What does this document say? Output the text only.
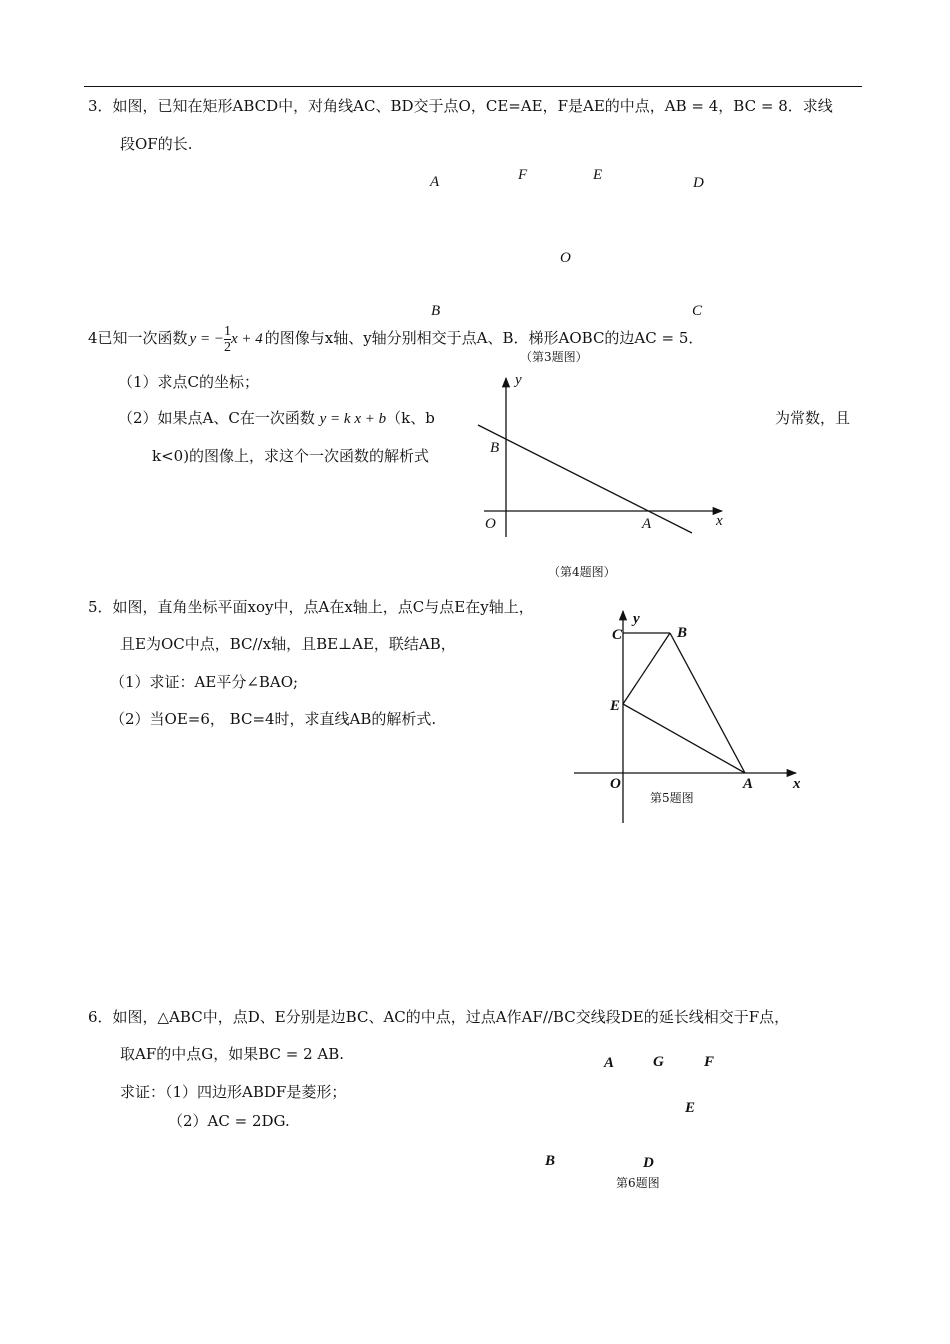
3．如图，已知在矩形ABCD中，对角线AC、BD交于点O，CE=AE，F是AE的中点，AB = 4，BC = 8．求线
段OF的长.
A	F	E	D
O
B	C
4已知一次函数 $y = -\frac{1}{2}$ x + 4 的图像与x轴、y轴分别相交于点A、B．梯形AOBC的边AC = 5．
（第3题图）
（1）求点C的坐标；
（2）如果点A、C在一次函数 y = k x + b（k、b	为常数，且
k<0)的图像上，求这个一次函数的解析式
y
B
O	A	x
（第4题图）
5．如图，直角坐标平面xoy中，点A在x轴上，点C与点E在y轴上，
且E为OC中点，BC//x轴，且BE⊥AE，联结AB，
（1）求证：AE平分∠BAO;
（2）当OE=6， BC=4时，求直线AB的解析式.
y
C	B
E
O	A	x
第5题图
6．如图，△ABC中，点D、E分别是边BC、AC的中点，过点A作AF//BC交线段DE的延长线相交于F点，
取AF的中点G，如果BC = 2 AB.
求证：（1）四边形ABDF是菱形；
（2）AC = 2DG.
A	G	F
E
B	D
第6题图
